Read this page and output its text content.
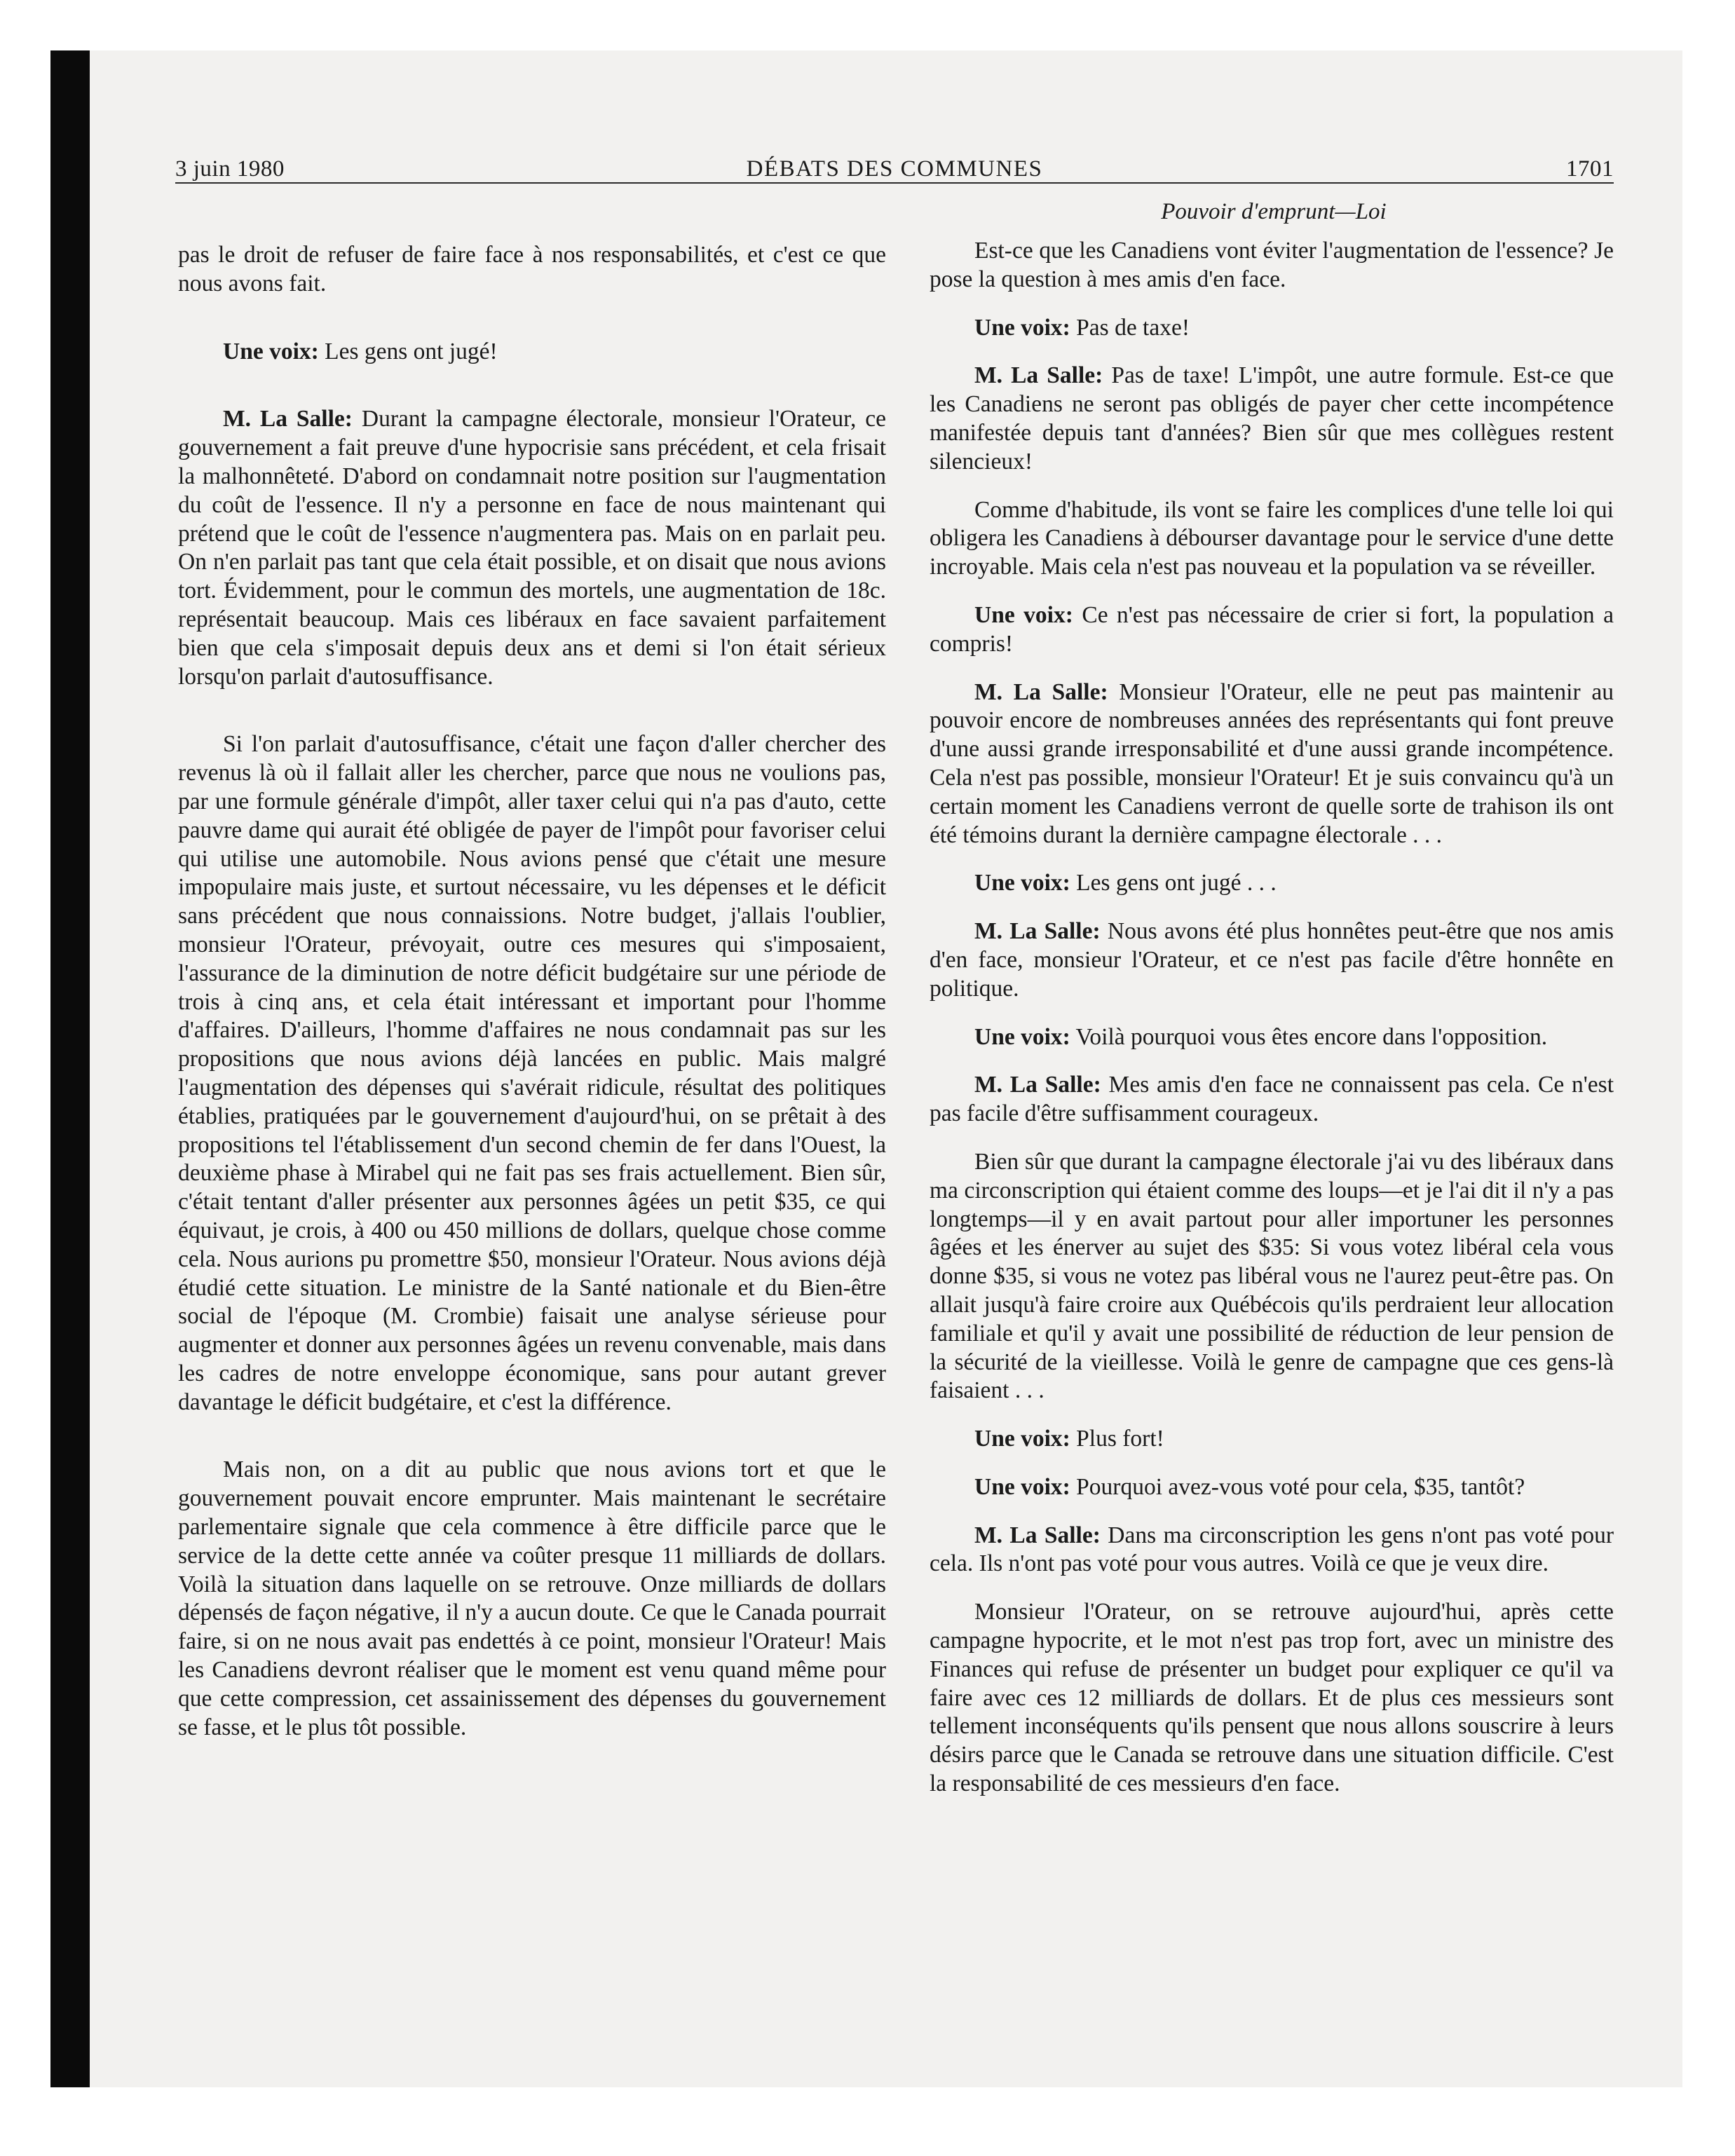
3 juin 1980	DÉBATS DES COMMUNES	1701
Pouvoir d'emprunt—Loi

pas le droit de refuser de faire face à nos responsabilités, et c'est ce que nous avons fait.

Une voix: Les gens ont jugé!

M. La Salle: Durant la campagne électorale, monsieur l'Orateur, ce gouvernement a fait preuve d'une hypocrisie sans précédent, et cela frisait la malhonnêteté. D'abord on condamnait notre position sur l'augmentation du coût de l'essence. Il n'y a personne en face de nous maintenant qui prétend que le coût de l'essence n'augmentera pas. Mais on en parlait peu. On n'en parlait pas tant que cela était possible, et on disait que nous avions tort. Évidemment, pour le commun des mortels, une augmentation de 18c. représentait beaucoup. Mais ces libéraux en face savaient parfaitement bien que cela s'imposait depuis deux ans et demi si l'on était sérieux lorsqu'on parlait d'autosuffisance.

Si l'on parlait d'autosuffisance, c'était une façon d'aller chercher des revenus là où il fallait aller les chercher, parce que nous ne voulions pas, par une formule générale d'impôt, aller taxer celui qui n'a pas d'auto, cette pauvre dame qui aurait été obligée de payer de l'impôt pour favoriser celui qui utilise une automobile. Nous avions pensé que c'était une mesure impopulaire mais juste, et surtout nécessaire, vu les dépenses et le déficit sans précédent que nous connaissions. Notre budget, j'allais l'oublier, monsieur l'Orateur, prévoyait, outre ces mesures qui s'imposaient, l'assurance de la diminution de notre déficit budgétaire sur une période de trois à cinq ans, et cela était intéressant et important pour l'homme d'affaires. D'ailleurs, l'homme d'affaires ne nous condamnait pas sur les propositions que nous avions déjà lancées en public. Mais malgré l'augmentation des dépenses qui s'avérait ridicule, résultat des politiques établies, pratiquées par le gouvernement d'aujourd'hui, on se prêtait à des propositions tel l'établissement d'un second chemin de fer dans l'Ouest, la deuxième phase à Mirabel qui ne fait pas ses frais actuellement. Bien sûr, c'était tentant d'aller présenter aux personnes âgées un petit $35, ce qui équivaut, je crois, à 400 ou 450 millions de dollars, quelque chose comme cela. Nous aurions pu promettre $50, monsieur l'Orateur. Nous avions déjà étudié cette situation. Le ministre de la Santé nationale et du Bien-être social de l'époque (M. Crombie) faisait une analyse sérieuse pour augmenter et donner aux personnes âgées un revenu convenable, mais dans les cadres de notre enveloppe économique, sans pour autant grever davantage le déficit budgétaire, et c'est la différence.

Mais non, on a dit au public que nous avions tort et que le gouvernement pouvait encore emprunter. Mais maintenant le secrétaire parlementaire signale que cela commence à être difficile parce que le service de la dette cette année va coûter presque 11 milliards de dollars. Voilà la situation dans laquelle on se retrouve. Onze milliards de dollars dépensés de façon négative, il n'y a aucun doute. Ce que le Canada pourrait faire, si on ne nous avait pas endettés à ce point, monsieur l'Orateur! Mais les Canadiens devront réaliser que le moment est venu quand même pour que cette compression, cet assainissement des dépenses du gouvernement se fasse, et le plus tôt possible.

Est-ce que les Canadiens vont éviter l'augmentation de l'essence? Je pose la question à mes amis d'en face.

Une voix: Pas de taxe!

M. La Salle: Pas de taxe! L'impôt, une autre formule. Est-ce que les Canadiens ne seront pas obligés de payer cher cette incompétence manifestée depuis tant d'années? Bien sûr que mes collègues restent silencieux!

Comme d'habitude, ils vont se faire les complices d'une telle loi qui obligera les Canadiens à débourser davantage pour le service d'une dette incroyable. Mais cela n'est pas nouveau et la population va se réveiller.

Une voix: Ce n'est pas nécessaire de crier si fort, la population a compris!

M. La Salle: Monsieur l'Orateur, elle ne peut pas maintenir au pouvoir encore de nombreuses années des représentants qui font preuve d'une aussi grande irresponsabilité et d'une aussi grande incompétence. Cela n'est pas possible, monsieur l'Orateur! Et je suis convaincu qu'à un certain moment les Canadiens verront de quelle sorte de trahison ils ont été témoins durant la dernière campagne électorale . . .

Une voix: Les gens ont jugé . . .

M. La Salle: Nous avons été plus honnêtes peut-être que nos amis d'en face, monsieur l'Orateur, et ce n'est pas facile d'être honnête en politique.

Une voix: Voilà pourquoi vous êtes encore dans l'opposition.

M. La Salle: Mes amis d'en face ne connaissent pas cela. Ce n'est pas facile d'être suffisamment courageux.

Bien sûr que durant la campagne électorale j'ai vu des libéraux dans ma circonscription qui étaient comme des loups—et je l'ai dit il n'y a pas longtemps—il y en avait partout pour aller importuner les personnes âgées et les énerver au sujet des $35: Si vous votez libéral cela vous donne $35, si vous ne votez pas libéral vous ne l'aurez peut-être pas. On allait jusqu'à faire croire aux Québécois qu'ils perdraient leur allocation familiale et qu'il y avait une possibilité de réduction de leur pension de la sécurité de la vieillesse. Voilà le genre de campagne que ces gens-là faisaient . . .

Une voix: Plus fort!

Une voix: Pourquoi avez-vous voté pour cela, $35, tantôt?

M. La Salle: Dans ma circonscription les gens n'ont pas voté pour cela. Ils n'ont pas voté pour vous autres. Voilà ce que je veux dire.

Monsieur l'Orateur, on se retrouve aujourd'hui, après cette campagne hypocrite, et le mot n'est pas trop fort, avec un ministre des Finances qui refuse de présenter un budget pour expliquer ce qu'il va faire avec ces 12 milliards de dollars. Et de plus ces messieurs sont tellement inconséquents qu'ils pensent que nous allons souscrire à leurs désirs parce que le Canada se retrouve dans une situation difficile. C'est la responsabilité de ces messieurs d'en face.
